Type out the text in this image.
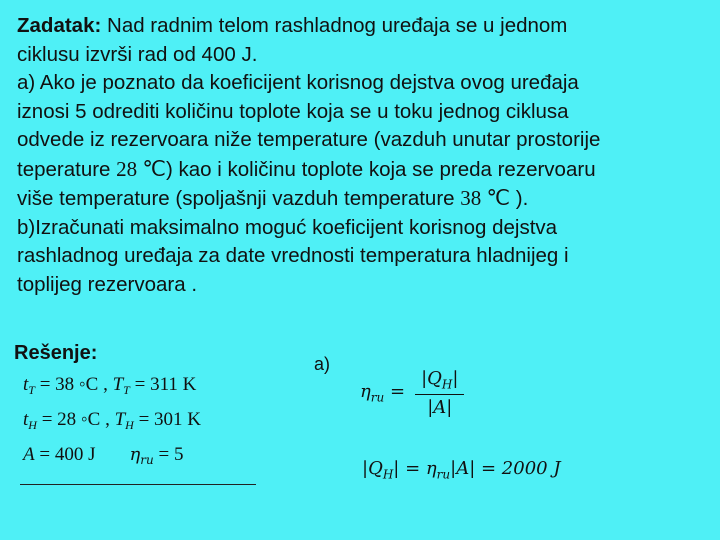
Zadatak: Nad radnim telom rashladnog uređaja se u jednom
ciklusu izvrši rad od 400 J.
a) Ako je poznato da koeficijent korisnog dejstva ovog uređaja
iznosi 5 odrediti količinu toplote koja se u toku jednog ciklusa
odvede iz rezervoara niže temperature (vazduh unutar prostorije
teperature 28 ℃) kao i količinu toplote koja se preda rezervoaru
više temperature (spoljašnji vazduh temperature 38 ℃ ).
b)Izračunati maksimalno moguć koeficijent korisnog dejstva
rashladnog uređaja za date vrednosti temperatura hladnijeg i
toplijeg rezervoara .
Rešenje:
$t_T = 38$ ◦C , $T_T = 311$ K
$t_H = 28$ ◦C , $T_H = 301$ K
A = 400 J $\eta_{ru} = 5$
a)
$\eta_{ru} = \frac{|Q_H|}{|A|}$
$|Q_H| = \eta_{ru}|A| = 2000$ J
